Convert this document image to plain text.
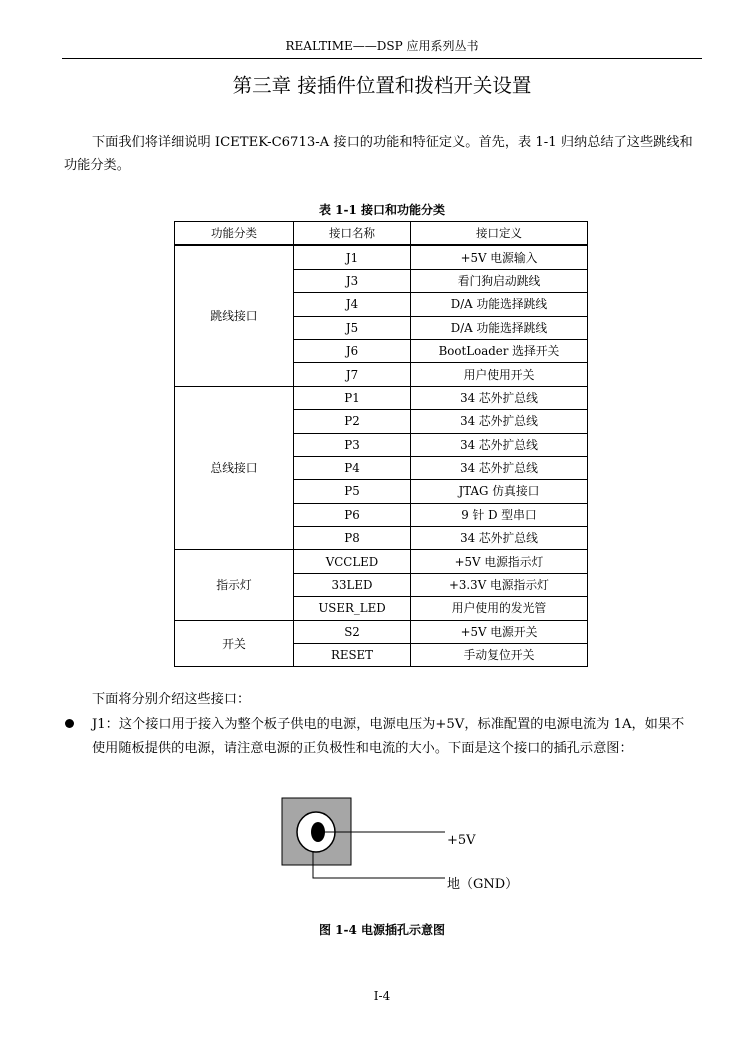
REALTIME——DSP 应用系列丛书
第三章 接插件位置和拨档开关设置

下面我们将详细说明 ICETEK-C6713-A 接口的功能和特征定义。首先，表 1-1 归纳总结了这些跳线和功能分类。

表 1-1 接口和功能分类
功能分类	接口名称	接口定义
跳线接口	J1	+5V 电源输入
	J3	看门狗启动跳线
	J4	D/A 功能选择跳线
	J5	D/A 功能选择跳线
	J6	BootLoader 选择开关
	J7	用户使用开关
总线接口	P1	34 芯外扩总线
	P2	34 芯外扩总线
	P3	34 芯外扩总线
	P4	34 芯外扩总线
	P5	JTAG 仿真接口
	P6	9 针 D 型串口
	P8	34 芯外扩总线
指示灯	VCCLED	+5V 电源指示灯
	33LED	+3.3V 电源指示灯
	USER_LED	用户使用的发光管
开关	S2	+5V 电源开关
	RESET	手动复位开关
下面将分别介绍这些接口：
J1：这个接口用于接入为整个板子供电的电源，电源电压为+5V，标准配置的电源电流为 1A，如果不使用随板提供的电源，请注意电源的正负极性和电流的大小。下面是这个接口的插孔示意图：
+5V
地（GND）
图 1-4 电源插孔示意图
I-4
